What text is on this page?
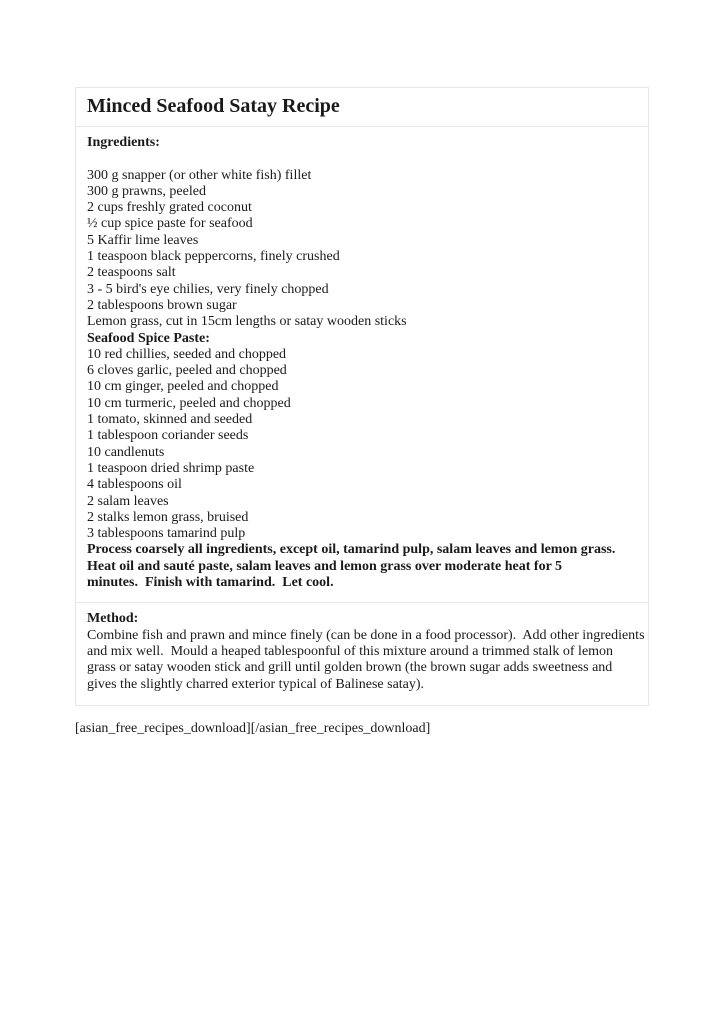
Minced Seafood Satay Recipe
Ingredients:
300 g snapper (or other white fish) fillet
300 g prawns, peeled
2 cups freshly grated coconut
½ cup spice paste for seafood
5 Kaffir lime leaves
1 teaspoon black peppercorns, finely crushed
2 teaspoons salt
3 - 5 bird's eye chilies, very finely chopped
2 tablespoons brown sugar
Lemon grass, cut in 15cm lengths or satay wooden sticks
Seafood Spice Paste:
10 red chillies, seeded and chopped
6 cloves garlic, peeled and chopped
10 cm ginger, peeled and chopped
10 cm turmeric, peeled and chopped
1 tomato, skinned and seeded
1 tablespoon coriander seeds
10 candlenuts
1 teaspoon dried shrimp paste
4 tablespoons oil
2 salam leaves
2 stalks lemon grass, bruised
3 tablespoons tamarind pulp
Process coarsely all ingredients, except oil, tamarind pulp, salam leaves and lemon grass.
Heat oil and sauté paste, salam leaves and lemon grass over moderate heat for 5
minutes.  Finish with tamarind.  Let cool.
Method:
Combine fish and prawn and mince finely (can be done in a food processor).  Add other ingredients
and mix well.  Mould a heaped tablespoonful of this mixture around a trimmed stalk of lemon
grass or satay wooden stick and grill until golden brown (the brown sugar adds sweetness and
gives the slightly charred exterior typical of Balinese satay).
[asian_free_recipes_download][/asian_free_recipes_download]
